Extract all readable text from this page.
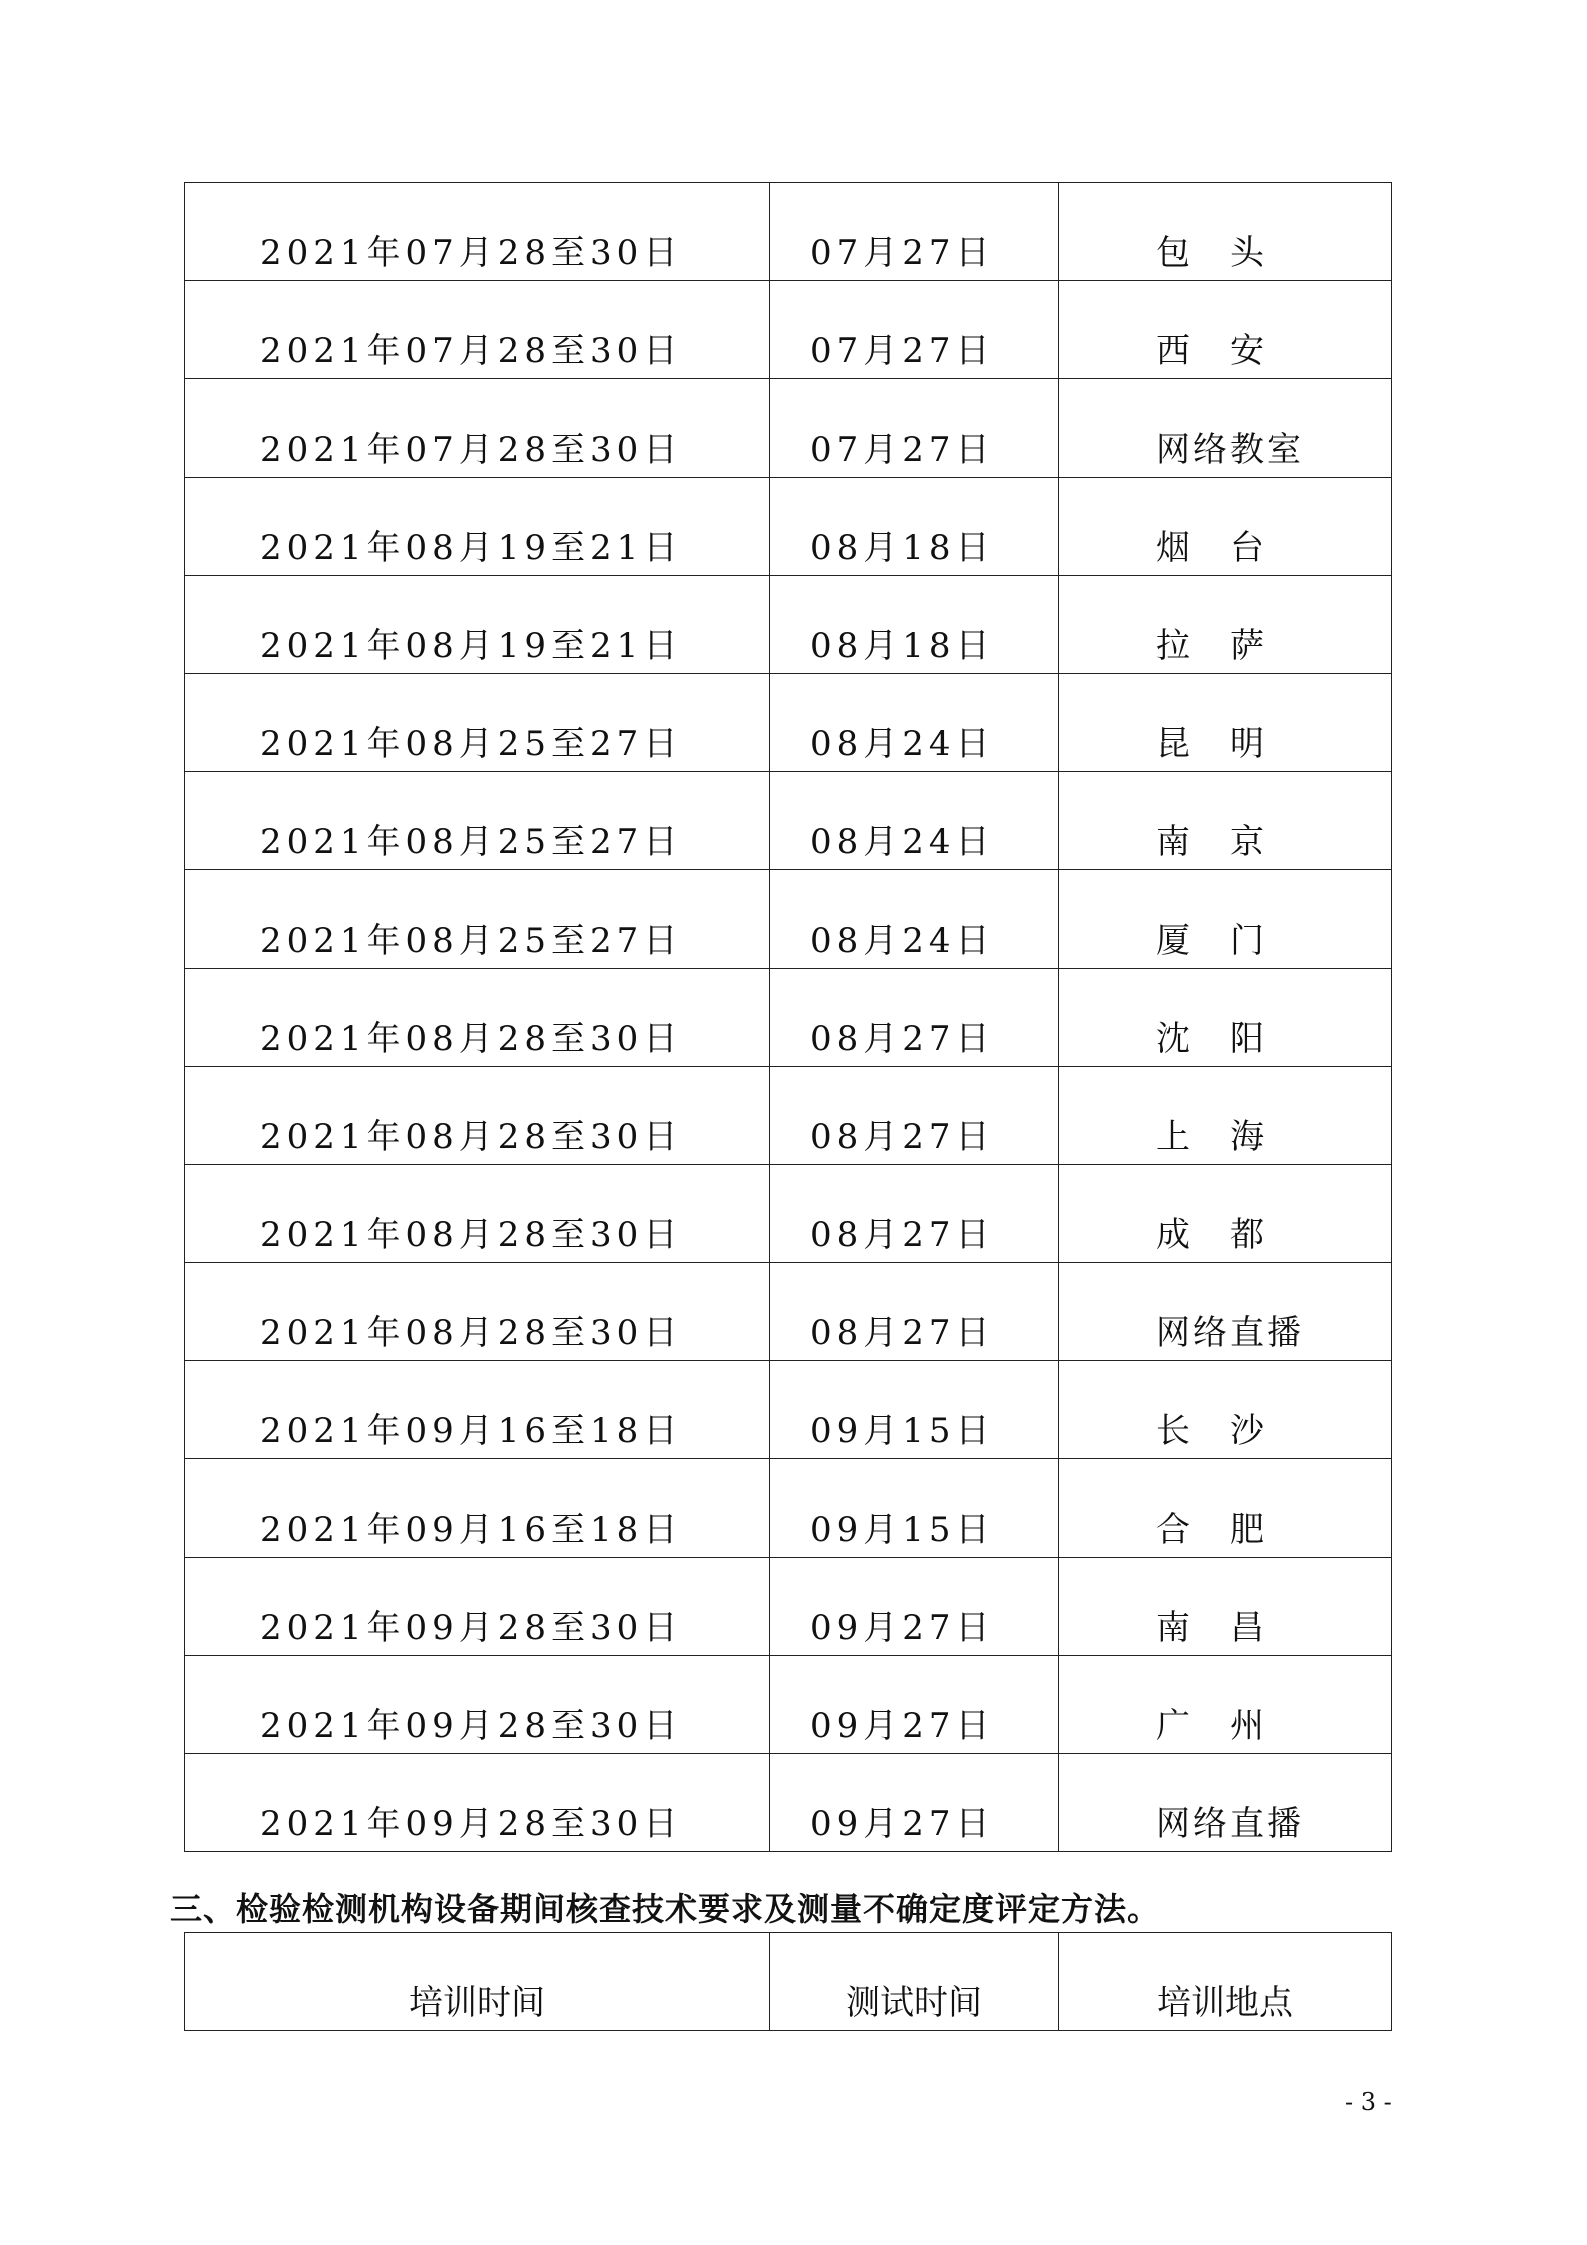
2021年07月28至30日	07月27日	包　头
2021年07月28至30日	07月27日	西　安
2021年07月28至30日	07月27日	网络教室
2021年08月19至21日	08月18日	烟　台
2021年08月19至21日	08月18日	拉　萨
2021年08月25至27日	08月24日	昆　明
2021年08月25至27日	08月24日	南　京
2021年08月25至27日	08月24日	厦　门
2021年08月28至30日	08月27日	沈　阳
2021年08月28至30日	08月27日	上　海
2021年08月28至30日	08月27日	成　都
2021年08月28至30日	08月27日	网络直播
2021年09月16至18日	09月15日	长　沙
2021年09月16至18日	09月15日	合　肥
2021年09月28至30日	09月27日	南　昌
2021年09月28至30日	09月27日	广　州
2021年09月28至30日	09月27日	网络直播
三、检验检测机构设备期间核查技术要求及测量不确定度评定方法。
培训时间	测试时间	培训地点
- 3 -
